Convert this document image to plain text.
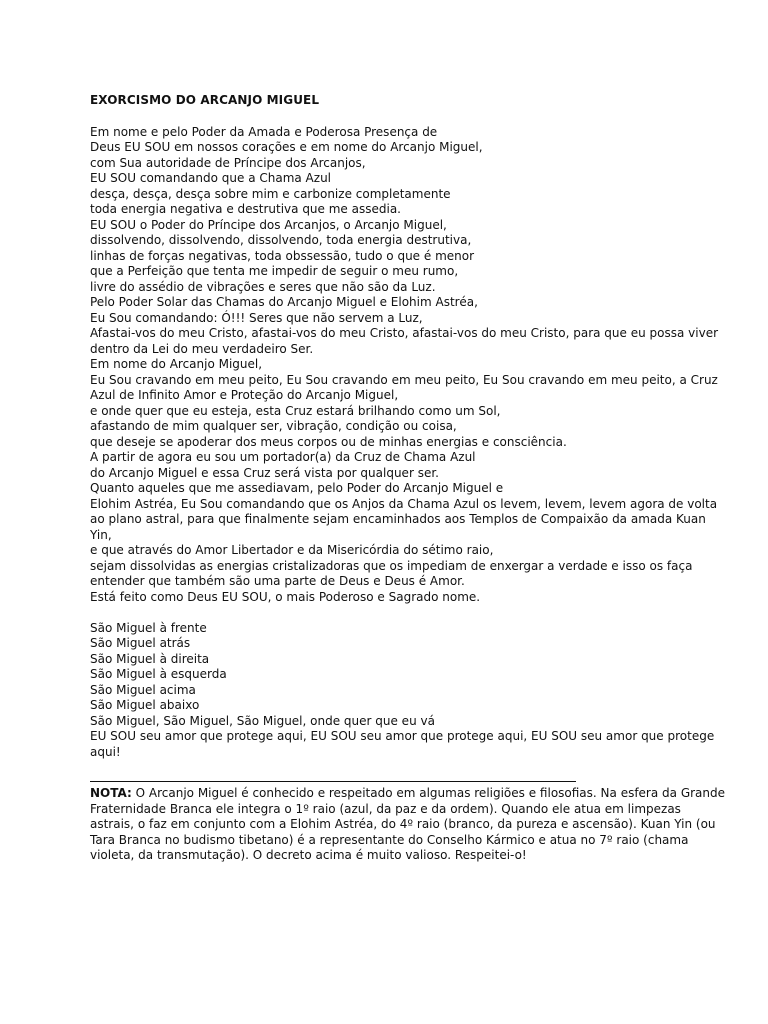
EXORCISMO DO ARCANJO MIGUEL
Em nome e pelo Poder da Amada e Poderosa Presença de
Deus EU SOU em nossos corações e em nome do Arcanjo Miguel,
com Sua autoridade de Príncipe dos Arcanjos,
EU SOU comandando que a Chama Azul
desça, desça, desça sobre mim e carbonize completamente
toda energia negativa e destrutiva que me assedia.
EU SOU o Poder do Príncipe dos Arcanjos, o Arcanjo Miguel,
dissolvendo, dissolvendo, dissolvendo, toda energia destrutiva,
linhas de forças negativas, toda obssessão, tudo o que é menor
que a Perfeição que tenta me impedir de seguir o meu rumo,
livre do assédio de vibrações e seres que não são da Luz.
Pelo Poder Solar das Chamas do Arcanjo Miguel e Elohim Astréa,
Eu Sou comandando: Ó!!! Seres que não servem a Luz,
Afastai-vos do meu Cristo, afastai-vos do meu Cristo, afastai-vos do meu Cristo, para que eu possa viver
dentro da Lei do meu verdadeiro Ser.
Em nome do Arcanjo Miguel,
Eu Sou cravando em meu peito, Eu Sou cravando em meu peito, Eu Sou cravando em meu peito, a Cruz
Azul de Infinito Amor e Proteção do Arcanjo Miguel,
e onde quer que eu esteja, esta Cruz estará brilhando como um Sol,
afastando de mim qualquer ser, vibração, condição ou coisa,
que deseje se apoderar dos meus corpos ou de minhas energias e consciência.
A partir de agora eu sou um portador(a) da Cruz de Chama Azul
do Arcanjo Miguel e essa Cruz será vista por qualquer ser.
Quanto aqueles que me assediavam, pelo Poder do Arcanjo Miguel e
Elohim Astréa, Eu Sou comandando que os Anjos da Chama Azul os levem, levem, levem agora de volta
ao plano astral, para que finalmente sejam encaminhados aos Templos de Compaixão da amada Kuan
Yin,
e que através do Amor Libertador e da Misericórdia do sétimo raio,
sejam dissolvidas as energias cristalizadoras que os impediam de enxergar a verdade e isso os faça
entender que também são uma parte de Deus e Deus é Amor.
Está feito como Deus EU SOU, o mais Poderoso e Sagrado nome.
São Miguel à frente
São Miguel atrás
São Miguel à direita
São Miguel à esquerda
São Miguel acima
São Miguel abaixo
São Miguel, São Miguel, São Miguel, onde quer que eu vá
EU SOU seu amor que protege aqui, EU SOU seu amor que protege aqui, EU SOU seu amor que protege
aqui!
NOTA: O Arcanjo Miguel é conhecido e respeitado em algumas religiões e filosofias. Na esfera da Grande
Fraternidade Branca ele integra o 1º raio (azul, da paz e da ordem). Quando ele atua em limpezas
astrais, o faz em conjunto com a Elohim Astréa, do 4º raio (branco, da pureza e ascensão). Kuan Yin (ou
Tara Branca no budismo tibetano) é a representante do Conselho Kármico e atua no 7º raio (chama
violeta, da transmutação). O decreto acima é muito valioso. Respeitei-o!
